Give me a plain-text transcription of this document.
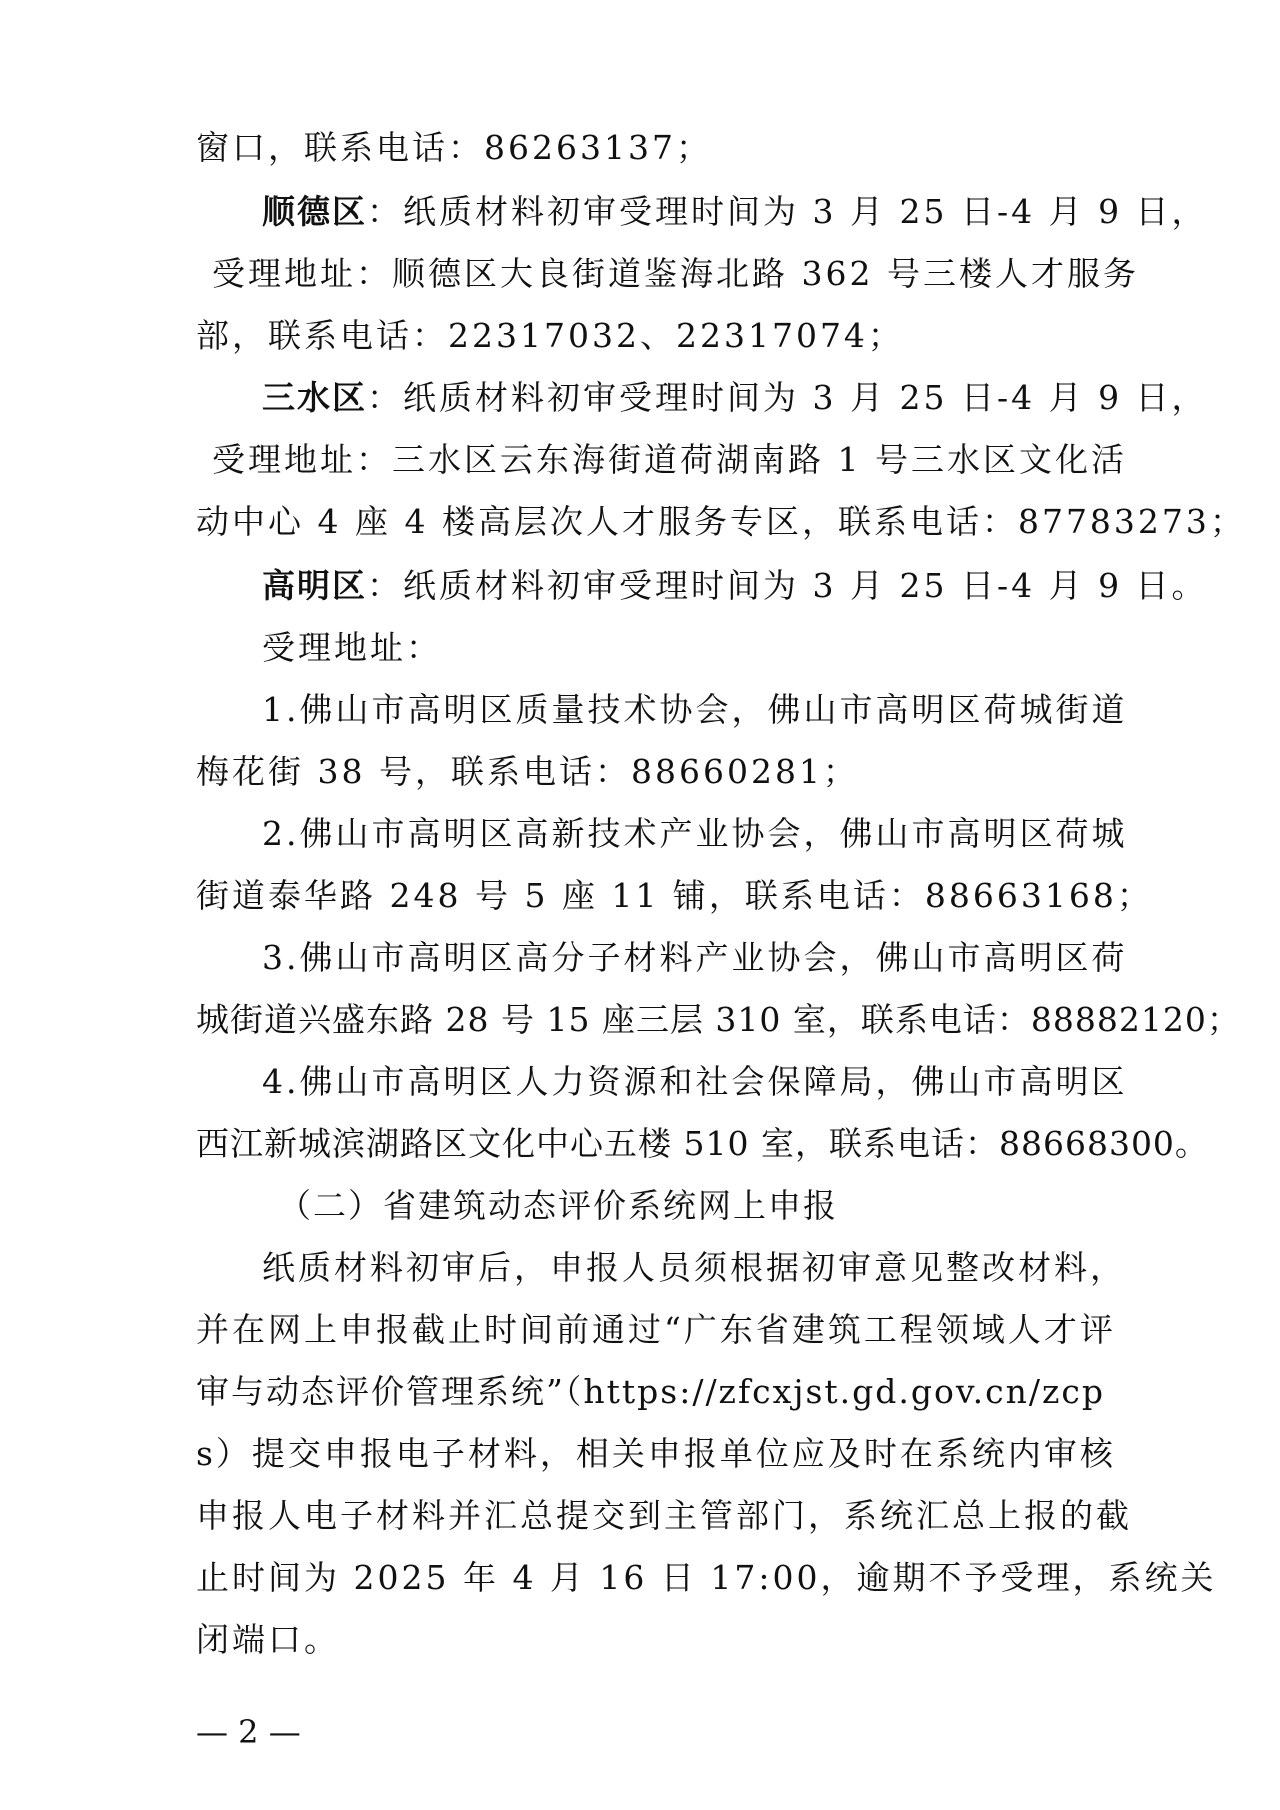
窗口，联系电话：86263137；
顺德区：纸质材料初审受理时间为 3 月 25 日-4 月 9 日，
受理地址：顺德区大良街道鉴海北路 362 号三楼人才服务
部，联系电话：22317032、22317074；
三水区：纸质材料初审受理时间为 3 月 25 日-4 月 9 日，
受理地址：三水区云东海街道荷湖南路 1 号三水区文化活
动中心 4 座 4 楼高层次人才服务专区，联系电话：87783273；
高明区：纸质材料初审受理时间为 3 月 25 日-4 月 9 日。
受理地址：
1.佛山市高明区质量技术协会，佛山市高明区荷城街道
梅花街 38 号，联系电话：88660281；
2.佛山市高明区高新技术产业协会，佛山市高明区荷城
街道泰华路 248 号 5 座 11 铺，联系电话：88663168；
3.佛山市高明区高分子材料产业协会，佛山市高明区荷
城街道兴盛东路 28 号 15 座三层 310 室，联系电话：88882120；
4.佛山市高明区人力资源和社会保障局，佛山市高明区
西江新城滨湖路区文化中心五楼 510 室，联系电话：88668300。
（二）省建筑动态评价系统网上申报
纸质材料初审后，申报人员须根据初审意见整改材料，
并在网上申报截止时间前通过“广东省建筑工程领域人才评
审与动态评价管理系统”（https://zfcxjst.gd.gov.cn/zcp
s）提交申报电子材料，相关申报单位应及时在系统内审核
申报人电子材料并汇总提交到主管部门，系统汇总上报的截
止时间为 2025 年 4 月 16 日 17:00，逾期不予受理，系统关
闭端口。
— 2 —
